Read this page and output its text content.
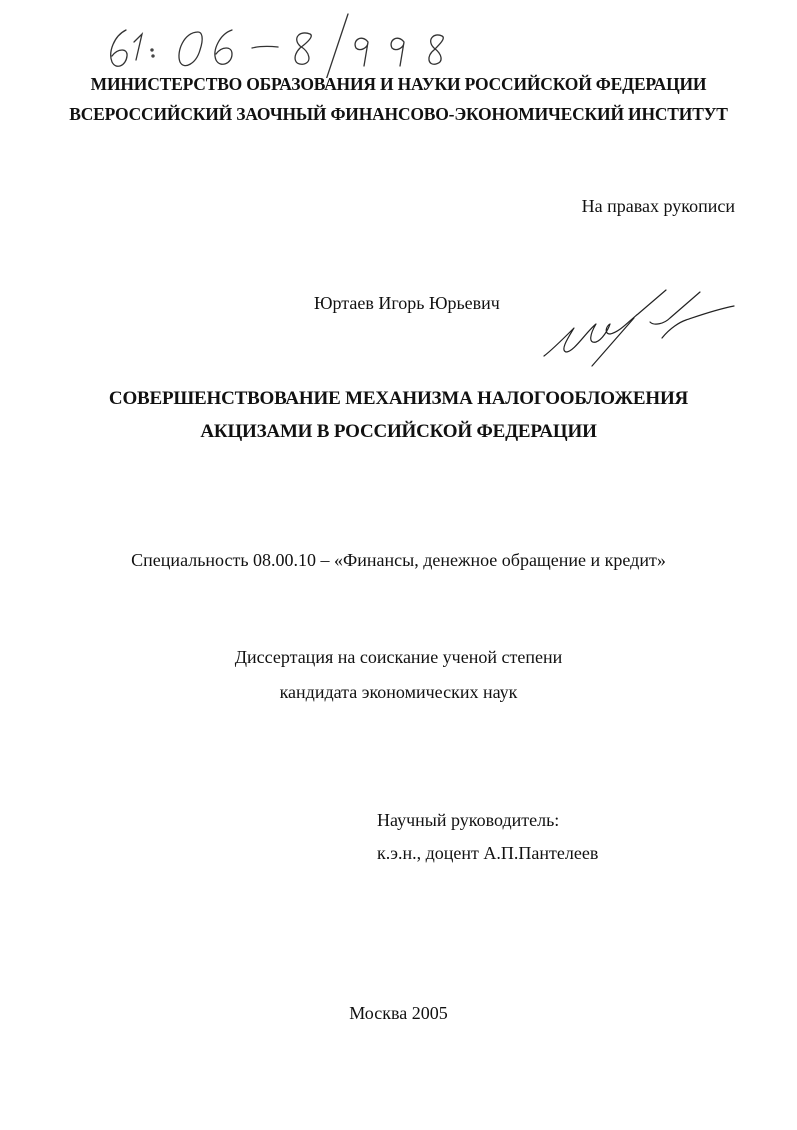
МИНИСТЕРСТВО ОБРАЗОВАНИЯ И НАУКИ РОССИЙСКОЙ ФЕДЕРАЦИИ
ВСЕРОССИЙСКИЙ ЗАОЧНЫЙ ФИНАНСОВО-ЭКОНОМИЧЕСКИЙ ИНСТИТУТ
На правах рукописи
Юртаев Игорь Юрьевич
СОВЕРШЕНСТВОВАНИЕ МЕХАНИЗМА НАЛОГООБЛОЖЕНИЯ
АКЦИЗАМИ В РОССИЙСКОЙ ФЕДЕРАЦИИ
Специальность 08.00.10 – «Финансы, денежное обращение и кредит»
Диссертация на соискание ученой степени
кандидата экономических наук
Научный руководитель:
к.э.н., доцент А.П.Пантелеев
Москва 2005
